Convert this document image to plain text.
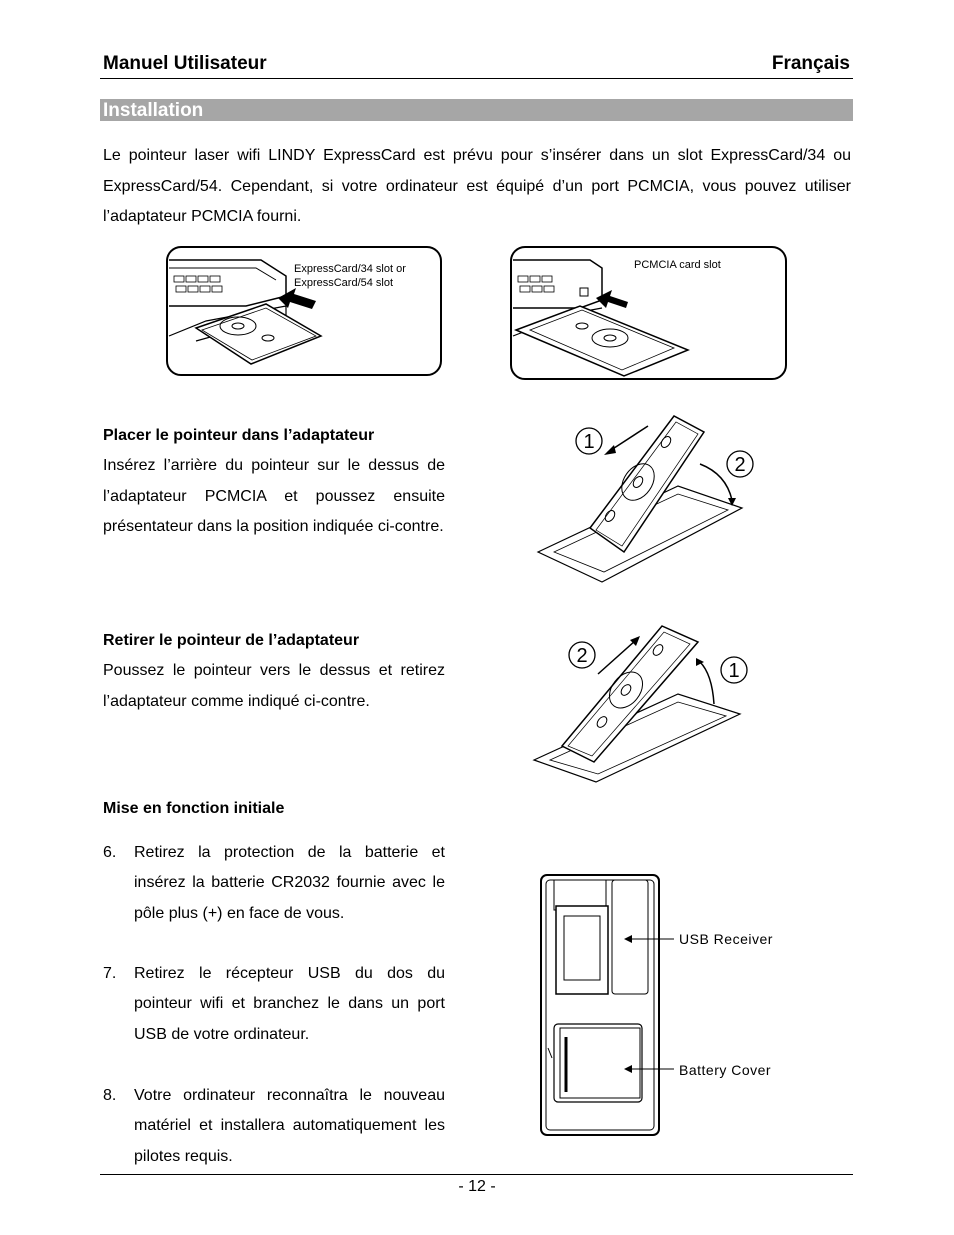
Manuel Utilisateur	Français
Installation
Le pointeur laser wifi LINDY ExpressCard est prévu pour s’insérer dans un slot ExpressCard/34 ou ExpressCard/54. Cependant, si votre ordinateur est équipé d’un port PCMCIA, vous pouvez utiliser l’adaptateur PCMCIA fourni.
ExpressCard/34 slot or
ExpressCard/54 slot
PCMCIA card slot
Placer le pointeur dans l’adaptateur
Insérez l’arrière du pointeur sur le dessus de l’adaptateur PCMCIA et poussez ensuite présentateur dans la position indiquée ci-contre.
1
2
Retirer le pointeur de l’adaptateur
Poussez le pointeur vers le dessus et retirez l’adaptateur comme indiqué ci-contre.
2
1
Mise en fonction initiale
6. Retirez la protection de la batterie et insérez la batterie CR2032 fournie avec le pôle plus (+) en face de vous.
7. Retirez le récepteur USB du dos du pointeur wifi et branchez le dans un port USB de votre ordinateur.
8. Votre ordinateur reconnaîtra le nouveau matériel et installera automatiquement les pilotes requis.
USB Receiver
Battery Cover
- 12 -
